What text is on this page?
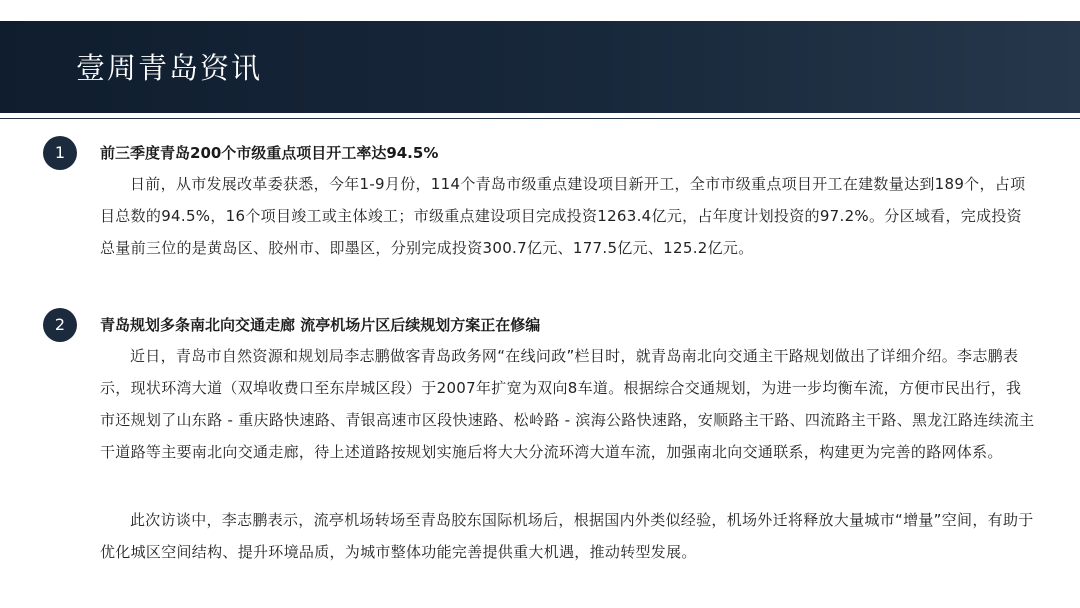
壹周青岛资讯
1	前三季度青岛200个市级重点项目开工率达94.5%

日前，从市发展改革委获悉，今年1-9月份，114个青岛市级重点建设项目新开工，全市市级重点项目开工在建数量达到189个，占项目总数的94.5%，16个项目竣工或主体竣工；市级重点建设项目完成投资1263.4亿元，占年度计划投资的97.2%。分区域看，完成投资总量前三位的是黄岛区、胶州市、即墨区，分别完成投资300.7亿元、177.5亿元、125.2亿元。

2	青岛规划多条南北向交通走廊 流亭机场片区后续规划方案正在修编

近日，青岛市自然资源和规划局李志鹏做客青岛政务网“在线问政”栏目时，就青岛南北向交通主干路规划做出了详细介绍。李志鹏表示，现状环湾大道（双埠收费口至东岸城区段）于2007年扩宽为双向8车道。根据综合交通规划，为进一步均衡车流，方便市民出行，我市还规划了山东路 - 重庆路快速路、青银高速市区段快速路、松岭路 - 滨海公路快速路，安顺路主干路、四流路主干路、黑龙江路连续流主干道路等主要南北向交通走廊，待上述道路按规划实施后将大大分流环湾大道车流，加强南北向交通联系，构建更为完善的路网体系。

此次访谈中，李志鹏表示，流亭机场转场至青岛胶东国际机场后，根据国内外类似经验，机场外迁将释放大量城市“增量”空间，有助于优化城区空间结构、提升环境品质，为城市整体功能完善提供重大机遇，推动转型发展。
